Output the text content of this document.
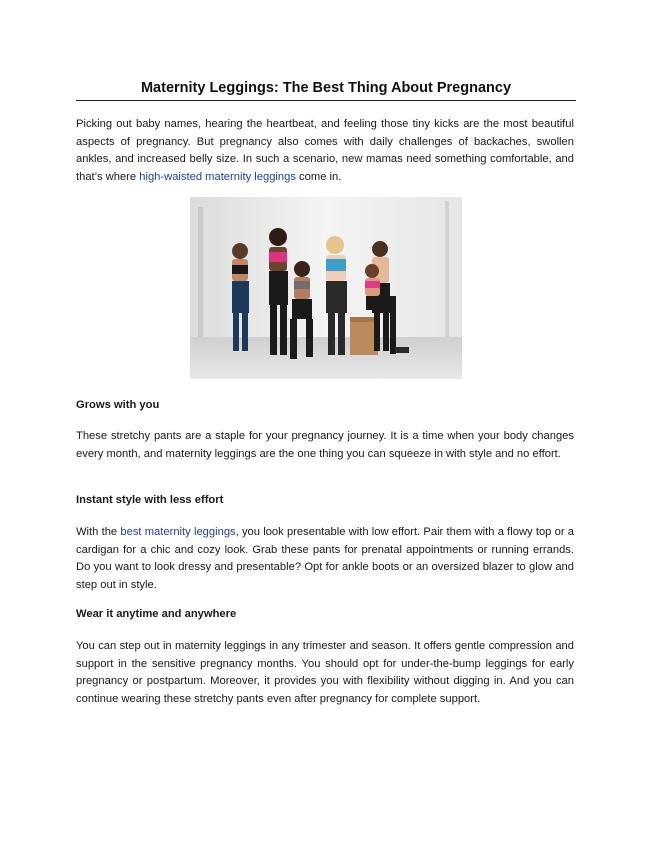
Maternity Leggings: The Best Thing About Pregnancy

Picking out baby names, hearing the heartbeat, and feeling those tiny kicks are the most beautiful aspects of pregnancy. But pregnancy also comes with daily challenges of backaches, swollen ankles, and increased belly size. In such a scenario, new mamas need something comfortable, and that’s where high-waisted maternity leggings come in.

Grows with you

These stretchy pants are a staple for your pregnancy journey. It is a time when your body changes every month, and maternity leggings are the one thing you can squeeze in with style and no effort.

Instant style with less effort

With the best maternity leggings, you look presentable with low effort. Pair them with a flowy top or a cardigan for a chic and cozy look. Grab these pants for prenatal appointments or running errands. Do you want to look dressy and presentable? Opt for ankle boots or an oversized blazer to glow and step out in style.

Wear it anytime and anywhere

You can step out in maternity leggings in any trimester and season. It offers gentle compression and support in the sensitive pregnancy months. You should opt for under-the-bump leggings for early pregnancy or postpartum. Moreover, it provides you with flexibility without digging in. And you can continue wearing these stretchy pants even after pregnancy for complete support.
